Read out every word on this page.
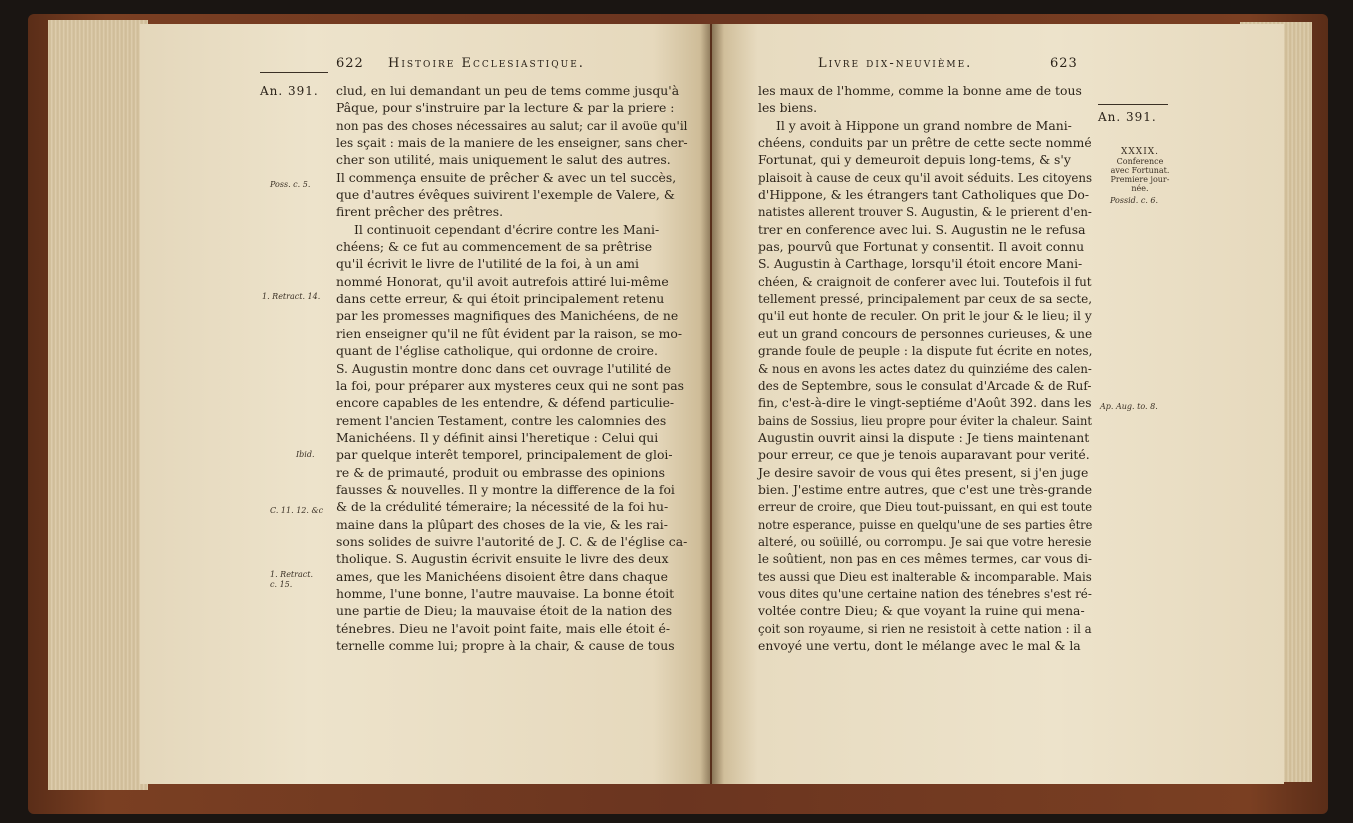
622 Histoire Ecclesiastique.
An. 391.
Poss. c. 5.
1. Retract. 14.
Ibid.
C. 11. 12. &c
1. Retract. c. 15.
clud, en lui demandant un peu de tems comme jusqu'à
Pâque, pour s'instruire par la lecture & par la priere :
non pas des choses nécessaires au salut; car il avoüe qu'il
les sçait : mais de la maniere de les enseigner, sans cher-
cher son utilité, mais uniquement le salut des autres.
Il commença ensuite de prêcher & avec un tel succès,
que d'autres évêques suivirent l'exemple de Valere, &
firent prêcher des prêtres.
Il continuoit cependant d'écrire contre les Mani-
chéens; & ce fut au commencement de sa prêtrise
qu'il écrivit le livre de l'utilité de la foi, à un ami
nommé Honorat, qu'il avoit autrefois attiré lui-même
dans cette erreur, & qui étoit principalement retenu
par les promesses magnifiques des Manichéens, de ne
rien enseigner qu'il ne fût évident par la raison, se mo-
quant de l'église catholique, qui ordonne de croire.
S. Augustin montre donc dans cet ouvrage l'utilité de
la foi, pour préparer aux mysteres ceux qui ne sont pas
encore capables de les entendre, & défend particulie-
rement l'ancien Testament, contre les calomnies des
Manichéens. Il y définit ainsi l'heretique : Celui qui
par quelque interêt temporel, principalement de gloi-
re & de primauté, produit ou embrasse des opinions
fausses & nouvelles. Il y montre la difference de la foi
& de la crédulité témeraire; la nécessité de la foi hu-
maine dans la plûpart des choses de la vie, & les rai-
sons solides de suivre l'autorité de J. C. & de l'église ca-
tholique. S. Augustin écrivit ensuite le livre des deux
ames, que les Manichéens disoient être dans chaque
homme, l'une bonne, l'autre mauvaise. La bonne étoit
une partie de Dieu; la mauvaise étoit de la nation des
ténebres. Dieu ne l'avoit point faite, mais elle étoit é-
ternelle comme lui; propre à la chair, & cause de tous
Livre dix-neuvième.	623
An. 391.
XXXIX.
Conference
avec Fortunat.
Premiere jour-
née.
Possid. c. 6.
Ap. Aug. to. 8.
les maux de l'homme, comme la bonne ame de tous
les biens.
Il y avoit à Hippone un grand nombre de Mani-
chéens, conduits par un prêtre de cette secte nommé
Fortunat, qui y demeuroit depuis long-tems, & s'y
plaisoit à cause de ceux qu'il avoit séduits. Les citoyens
d'Hippone, & les étrangers tant Catholiques que Do-
natistes allerent trouver S. Augustin, & le prierent d'en-
trer en conference avec lui. S. Augustin ne le refusa
pas, pourvû que Fortunat y consentit. Il avoit connu
S. Augustin à Carthage, lorsqu'il étoit encore Mani-
chéen, & craignoit de conferer avec lui. Toutefois il fut
tellement pressé, principalement par ceux de sa secte,
qu'il eut honte de reculer. On prit le jour & le lieu; il y
eut un grand concours de personnes curieuses, & une
grande foule de peuple : la dispute fut écrite en notes,
& nous en avons les actes datez du quinziéme des calen-
des de Septembre, sous le consulat d'Arcade & de Ruf-
fin, c'est-à-dire le vingt-septiéme d'Août 392. dans les
bains de Sossius, lieu propre pour éviter la chaleur. Saint
Augustin ouvrit ainsi la dispute : Je tiens maintenant
pour erreur, ce que je tenois auparavant pour verité.
Je desire savoir de vous qui êtes present, si j'en juge
bien. J'estime entre autres, que c'est une très-grande
erreur de croire, que Dieu tout-puissant, en qui est toute
notre esperance, puisse en quelqu'une de ses parties être
alteré, ou soüillé, ou corrompu. Je sai que votre heresie
le soûtient, non pas en ces mêmes termes, car vous di-
tes aussi que Dieu est inalterable & incomparable. Mais
vous dites qu'une certaine nation des ténebres s'est ré-
voltée contre Dieu; & que voyant la ruine qui mena-
çoit son royaume, si rien ne resistoit à cette nation : il a
envoyé une vertu, dont le mélange avec le mal & la
